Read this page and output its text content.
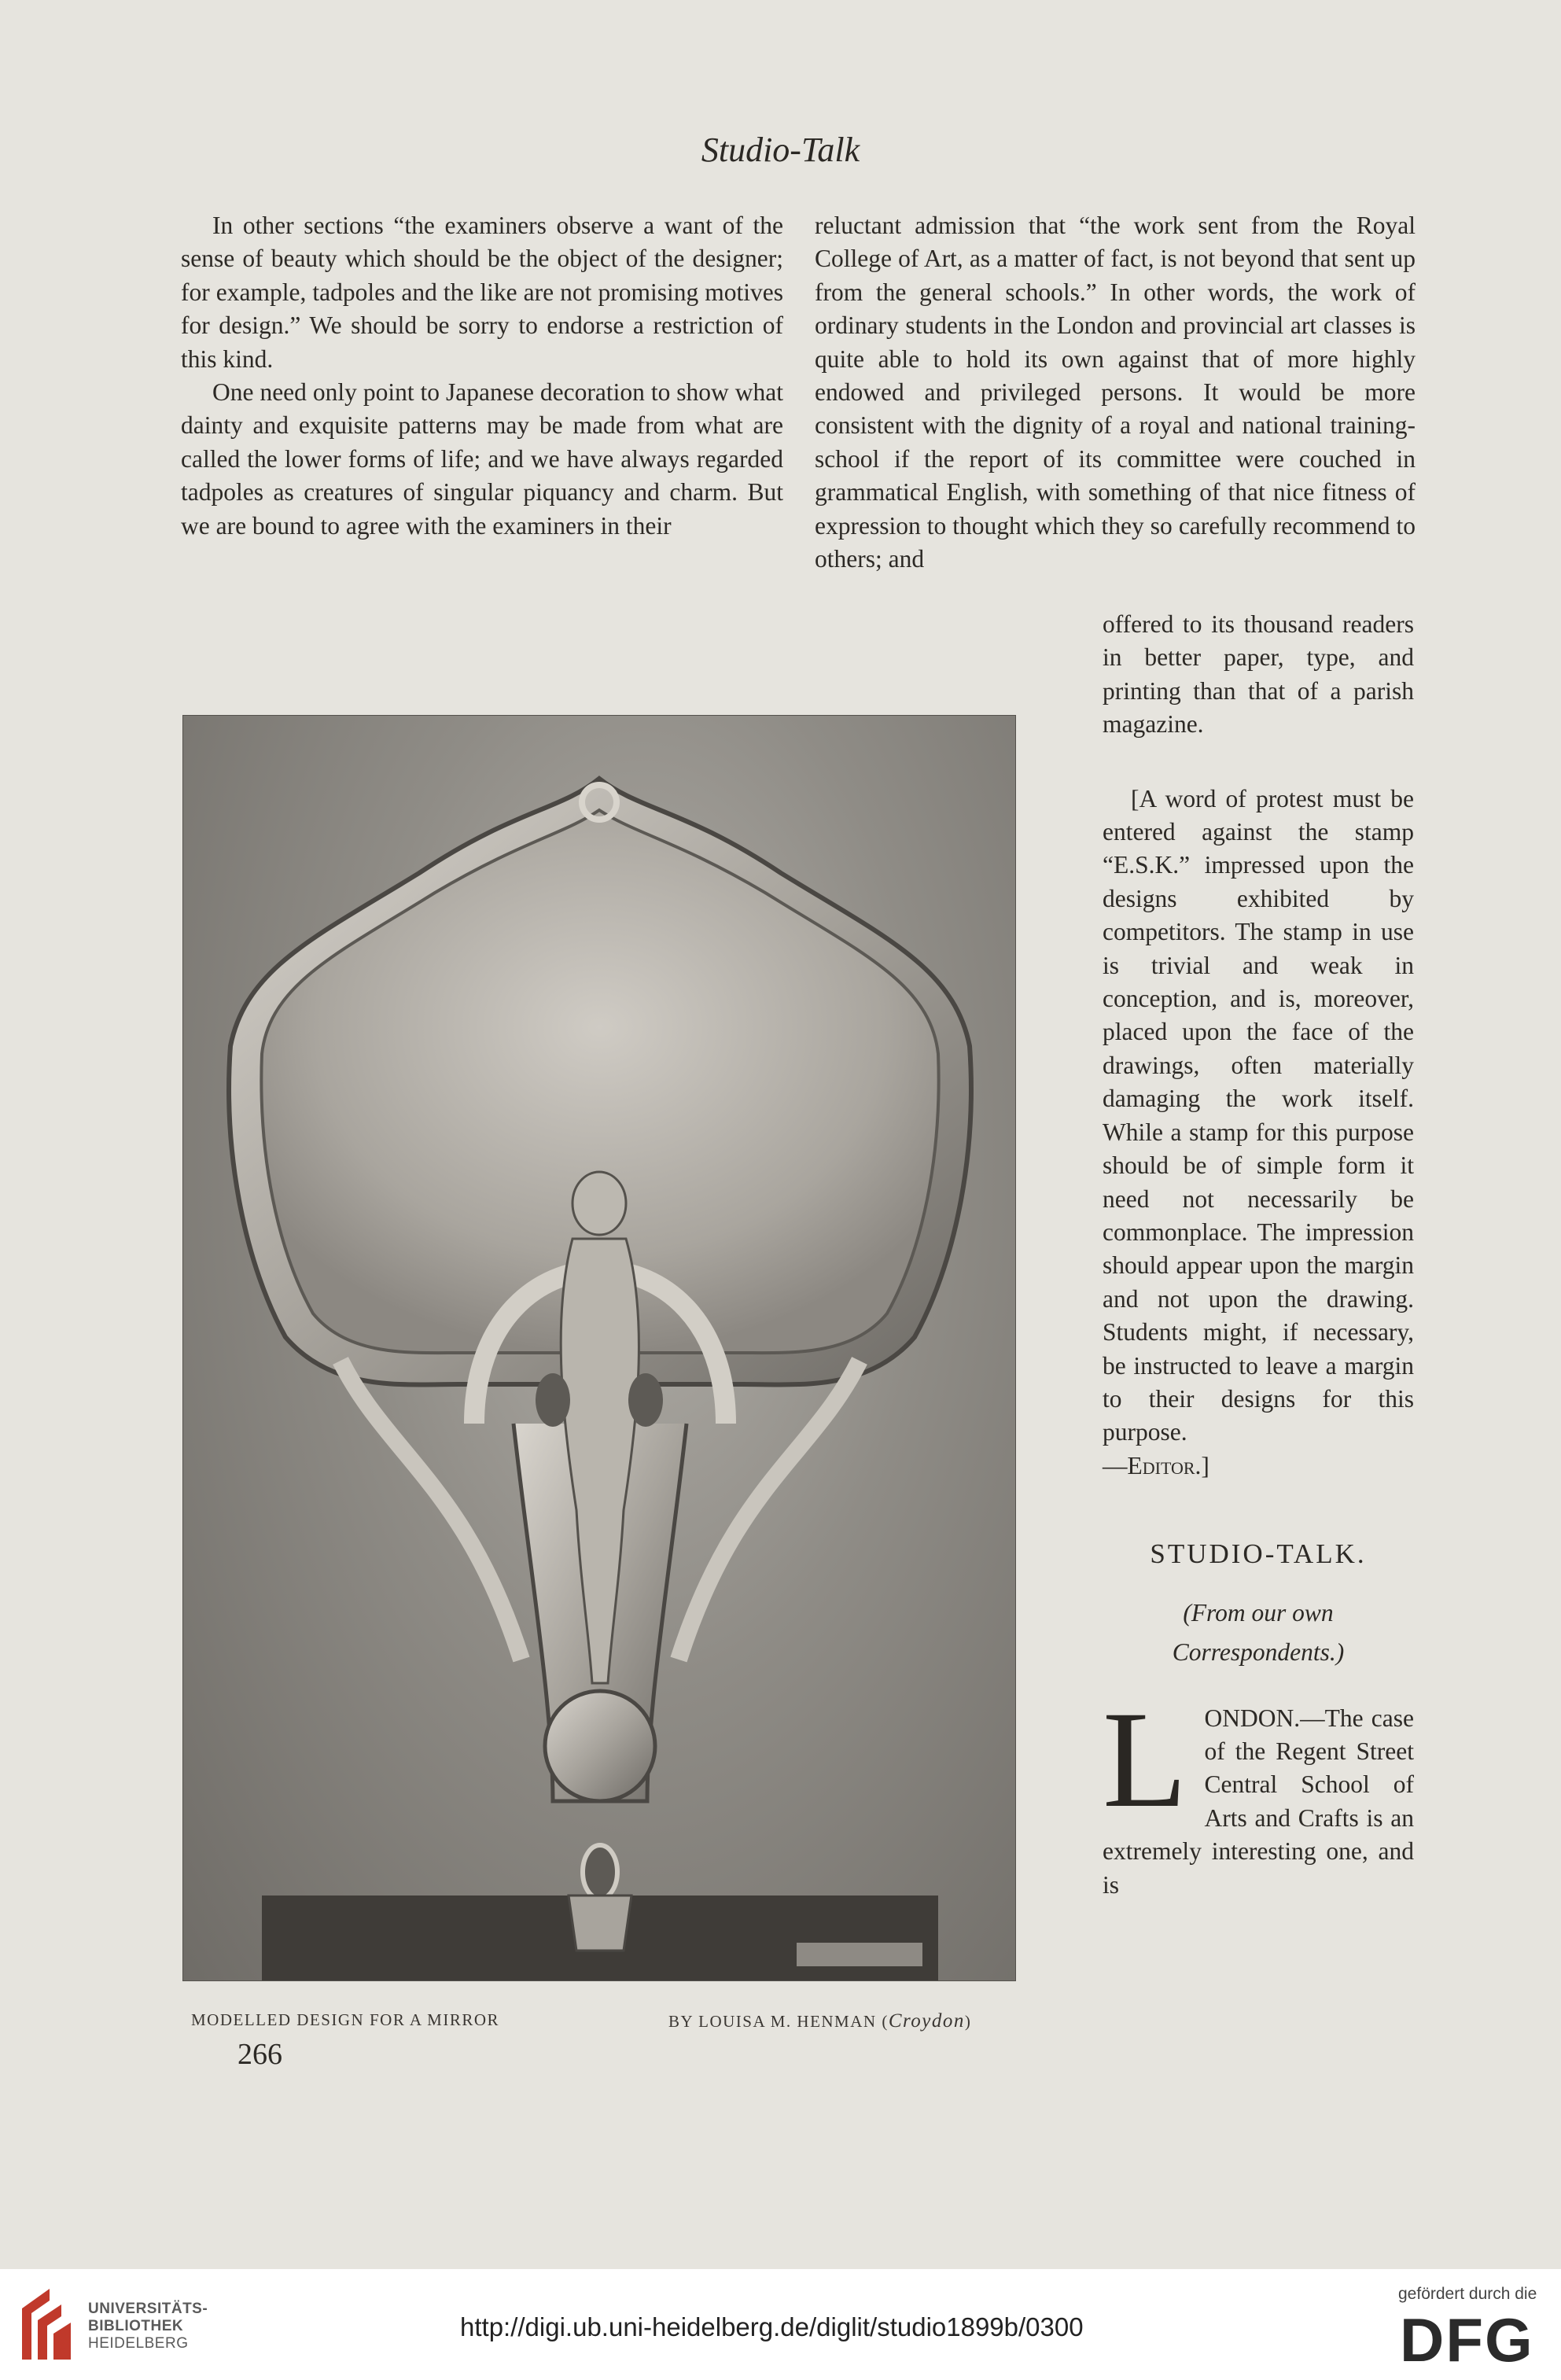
Studio-Talk

In other sections “the examiners observe a want of the sense of beauty which should be the object of the designer; for example, tadpoles and the like are not promising motives for design.” We should be sorry to endorse a restriction of this kind.

One need only point to Japanese decoration to show what dainty and exquisite patterns may be made from what are called the lower forms of life; and we have always regarded tadpoles as creatures of singular piquancy and charm. But we are bound to agree with the examiners in their

reluctant admission that “the work sent from the Royal College of Art, as a matter of fact, is not beyond that sent up from the general schools.” In other words, the work of ordinary students in the London and provincial art classes is quite able to hold its own against that of more highly endowed and privileged persons. It would be more consistent with the dignity of a royal and national training-school if the report of its committee were couched in grammatical English, with something of that nice fitness of expression to thought which they so carefully recommend to others; and

offered to its thousand readers in better paper, type, and printing than that of a parish magazine.

[A word of protest must be entered against the stamp “E.S.K.” impressed upon the designs exhibited by competitors. The stamp in use is trivial and weak in conception, and is, moreover, placed upon the face of the drawings, often materially damaging the work itself. While a stamp for this purpose should be of simple form it need not necessarily be commonplace. The impression should appear upon the margin and not upon the drawing. Students might, if necessary, be instructed to leave a margin to their designs for this purpose.
—Editor.]

STUDIO-TALK.

(From our own Correspondents.)

LONDON.—The case of the Regent Street Central School of Arts and Crafts is an extremely interesting one, and is

MODELLED DESIGN FOR A MIRROR	BY LOUISA M. HENMAN (Croydon)
266
UNIVERSITÄTS-
BIBLIOTHEK
HEIDELBERG
http://digi.ub.uni-heidelberg.de/diglit/studio1899b/0300
gefördert durch die
DFG
